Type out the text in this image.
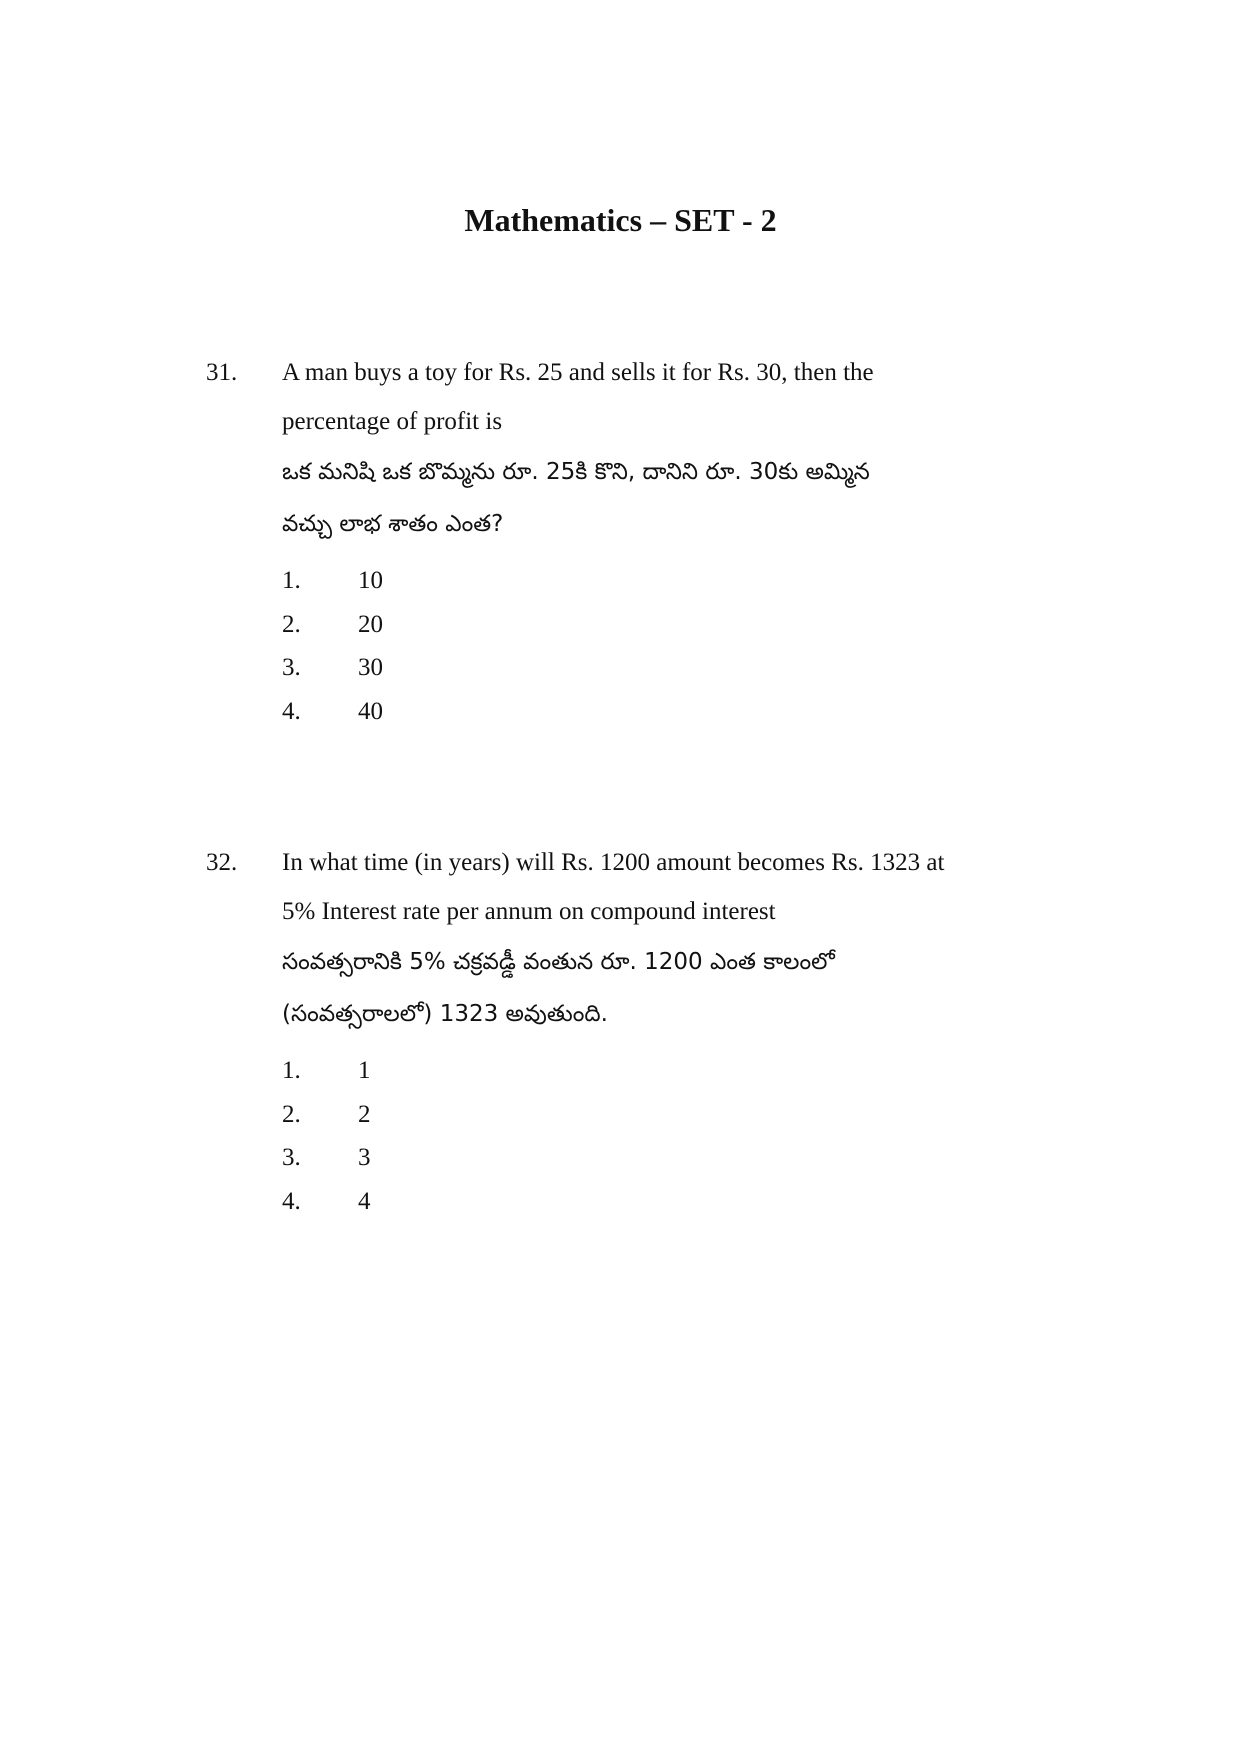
Mathematics – SET - 2
31. A man buys a toy for Rs. 25 and sells it for Rs. 30, then the
percentage of profit is
ఒక మనిషి ఒక బొమ్మను రూ. 25కి కొని, దానిని రూ. 30కు అమ్మిన
వచ్చు లాభ శాతం ఎంత?
1. 10
2. 20
3. 30
4. 40
32. In what time (in years) will Rs. 1200 amount becomes Rs. 1323 at
5% Interest rate per annum on compound interest
సంవత్సరానికి 5% చక్రవడ్డీ వంతున రూ. 1200 ఎంత కాలంలో
(సంవత్సరాలలో) 1323 అవుతుంది.
1. 1
2. 2
3. 3
4. 4
